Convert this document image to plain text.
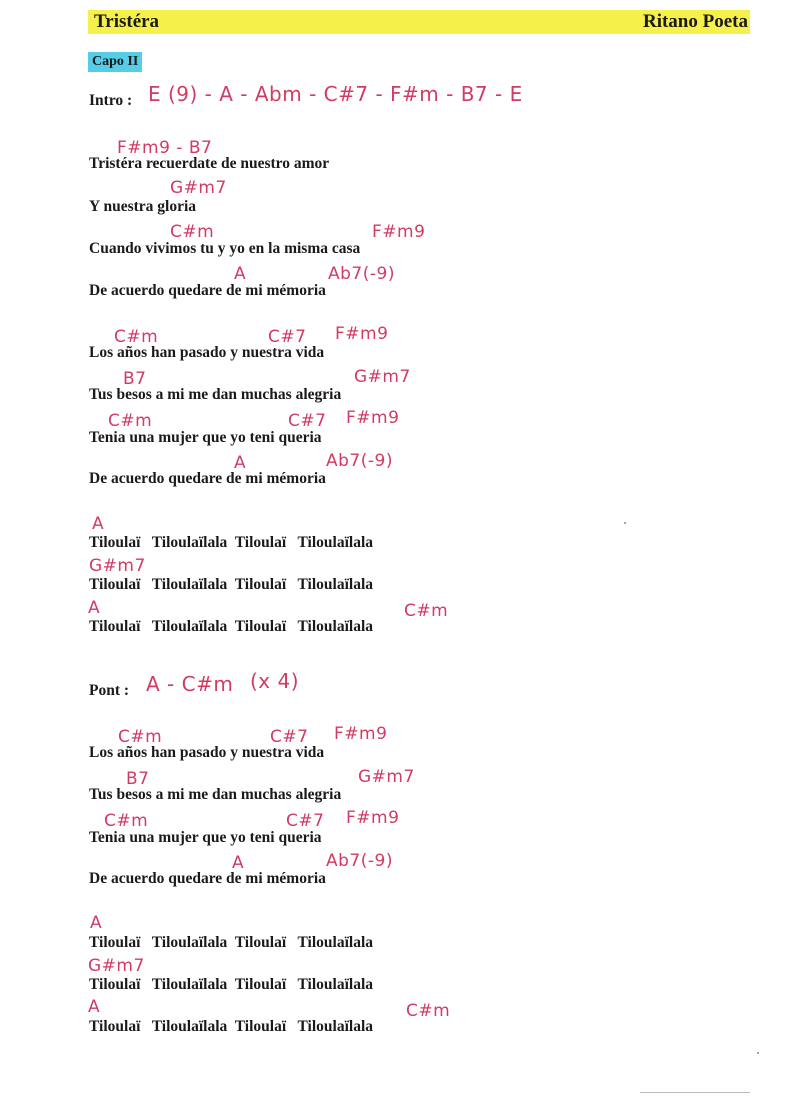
Tristéra	Ritano Poeta
Capo II
Intro : E (9) - A - Abm - C#7 - F#m - B7 - E
F#m9 - B7
Tristéra recuerdate de nuestro amor
G#m7
Y nuestra gloria
C#m	F#m9
Cuando vivimos tu y yo en la misma casa
A	Ab7(-9)
De acuerdo quedare de mi mémoria
C#m	C#7 F#m9
Los años han pasado y nuestra vida
B7	G#m7
Tus besos a mi me dan muchas alegria
C#m	C#7 F#m9
Tenia una mujer que yo teni queria
A	Ab7(-9)
De acuerdo quedare de mi mémoria
A
Tiloulaï   Tiloulaïlala  Tiloulaï   Tiloulaïlala
G#m7
Tiloulaï   Tiloulaïlala  Tiloulaï   Tiloulaïlala
A	C#m
Tiloulaï   Tiloulaïlala  Tiloulaï   Tiloulaïlala
Pont : A - C#m (x 4)
C#m	C#7 F#m9
Los años han pasado y nuestra vida
B7	G#m7
Tus besos a mi me dan muchas alegria
C#m	C#7 F#m9
Tenia una mujer que yo teni queria
A	Ab7(-9)
De acuerdo quedare de mi mémoria
A
Tiloulaï   Tiloulaïlala  Tiloulaï   Tiloulaïlala
G#m7
Tiloulaï   Tiloulaïlala  Tiloulaï   Tiloulaïlala
A	C#m
Tiloulaï   Tiloulaïlala  Tiloulaï   Tiloulaïlala
